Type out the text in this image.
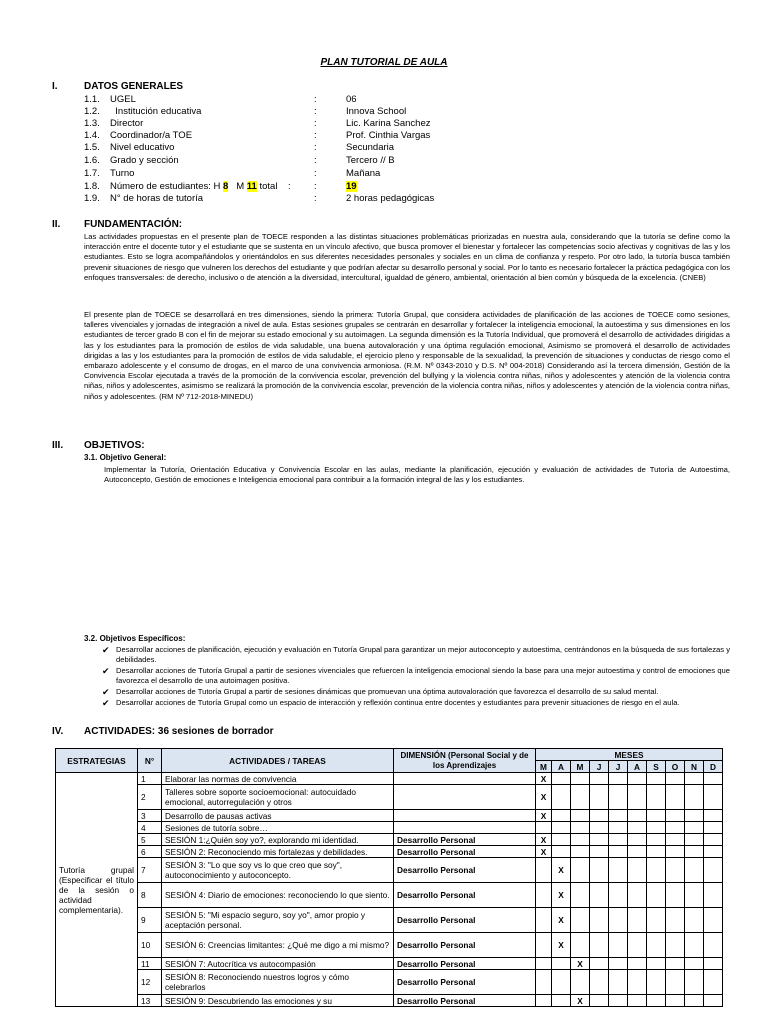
PLAN TUTORIAL DE AULA
I.	DATOS GENERALES
1.1. UGEL	:	06
1.2. Institución educativa	:	Innova School
1.3. Director	:	Lic. Karina Sanchez
1.4. Coordinador/a TOE	:	Prof. Cinthia Vargas
1.5. Nivel educativo	:	Secundaria
1.6. Grado y sección	:	Tercero // B
1.7. Turno	:	Mañana
1.9. N° de horas de tutoría	:	2 horas pedagógicas
1.8. Número de estudiantes: H 8 M 11 total : :	19
II. FUNDAMENTACIÓN:
Las actividades propuestas en el presente plan de TOECE responden a las distintas situaciones problemáticas priorizadas en nuestra aula, considerando que la tutoría se define como la interacción entre el docente tutor y el estudiante que se sustenta en un vínculo afectivo, que busca promover el bienestar y fortalecer las competencias socio afectivas y cognitivas de las y los estudiantes. Esto se logra acompañándolos y orientándolos en sus diferentes necesidades personales y sociales en un clima de confianza y respeto. Por otro lado, la tutoría busca también prevenir situaciones de riesgo que vulneren los derechos del estudiante y que podrían afectar su desarrollo personal y social. Por lo tanto es necesario fortalecer la práctica pedagógica con los enfoques transversales: de derecho, inclusivo o de atención a la diversidad, intercultural, igualdad de género, ambiental, orientación al bien común y búsqueda de la excelencia. (CNEB)
El presente plan de TOECE se desarrollará en tres dimensiones, siendo la primera: Tutoría Grupal, que considera actividades de planificación de las acciones de TOECE como sesiones, talleres vivenciales y jornadas de integración a nivel de aula. Estas sesiones grupales se centrarán en desarrollar y fortalecer la inteligencia emocional, la autoestima y sus dimensiones en los estudiantes de tercer grado B con el fin de mejorar su estado emocional y su autoimagen. La segunda dimensión es la Tutoría Individual, que promoverá el desarrollo de actividades dirigidas a las y los estudiantes para la promoción de estilos de vida saludable, una buena autovaloración y una óptima regulación emocional, Asimismo se promoverá el desarrollo de actividades dirigidas a las y los estudiantes para la promoción de estilos de vida saludable, el ejercicio pleno y responsable de la sexualidad, la prevención de situaciones y conductas de riesgo como el embarazo adolescente y el consumo de drogas, en el marco de una convivencia armoniosa. (R.M. Nº 0343-2010 y D.S. Nº 004-2018) Considerando así la tercera dimensión, Gestión de la Convivencia Escolar ejecutada a través de la promoción de la convivencia escolar, prevención del bullying y la violencia contra niñas, niños y adolescentes y atención de la violencia contra niñas, niños y adolescentes, asimismo se realizará la promoción de la convivencia escolar, prevención de la violencia contra niñas, niños y adolescentes y atención de la violencia contra niñas, niños y adolescentes. (RM Nº 712-2018-MINEDU)
III. OBJETIVOS:
3.1. Objetivo General:
Implementar la Tutoría, Orientación Educativa y Convivencia Escolar en las aulas, mediante la planificación, ejecución y evaluación de actividades de Tutoría de Autoestima, Autoconcepto, Gestión de emociones e Inteligencia emocional para contribuir a la formación integral de las y los estudiantes.
3.2. Objetivos Específicos:
✔ Desarrollar acciones de planificación, ejecución y evaluación en Tutoría Grupal para garantizar un mejor autoconcepto y autoestima, centrándonos en la búsqueda de sus fortalezas y debilidades.
✔ Desarrollar acciones de Tutoría Grupal a partir de sesiones vivenciales que refuercen la inteligencia emocional siendo la base para una mejor autoestima y control de emociones que favorezca el desarrollo de una autoimagen positiva.
✔ Desarrollar acciones de Tutoría Grupal a partir de sesiones dinámicas que promuevan una óptima autovaloración que favorezca el desarrollo de su salud mental.
✔ Desarrollar acciones de Tutoría Grupal como un espacio de interacción y reflexión continua entre docentes y estudiantes para prevenir situaciones de riesgo en el aula.
IV. ACTIVIDADES: 36 sesiones de borrador
ESTRATEGIAS	N°	ACTIVIDADES / TAREAS	DIMENSIÓN (Personal Social y de los Aprendizajes	MESES									
				M	A	M	J	J	A	S	O	N	D
Tutoría grupal (Especificar el título de la sesión o actividad complementaria).	1	Elaborar las normas de convivencia		X									
	2	Talleres sobre soporte socioemocional: autocuidado emocional, autorregulación y otros		X									
	3	Desarrollo de pausas activas		X									
	4	Sesiones de tutoría sobre…											
	5	SESIÓN 1:¿Quién soy yo?, explorando mi identidad.	Desarrollo Personal	X									
	6	SESIÓN 2: Reconociendo mis fortalezas y debilidades.	Desarrollo Personal	X									
	7	SESIÓN 3: "Lo que soy vs lo que creo que soy", autoconocimiento y autoconcepto.	Desarrollo Personal		X								
	8	SESIÓN 4: Diario de emociones: reconociendo lo que siento.	Desarrollo Personal		X								
	9	SESIÓN 5: "Mi espacio seguro, soy yo", amor propio y aceptación personal.	Desarrollo Personal		X								
	10	SESIÓN 6: Creencias limitantes: ¿Qué me digo a mi mismo?	Desarrollo Personal		X								
	11	SESIÓN 7: Autocrítica vs autocompasión	Desarrollo Personal			X							
	12	SESIÓN 8: Reconociendo nuestros logros y cómo celebrarlos	Desarrollo Personal										
	13	SESIÓN 9: Descubriendo las emociones y su	Desarrollo Personal			X							
